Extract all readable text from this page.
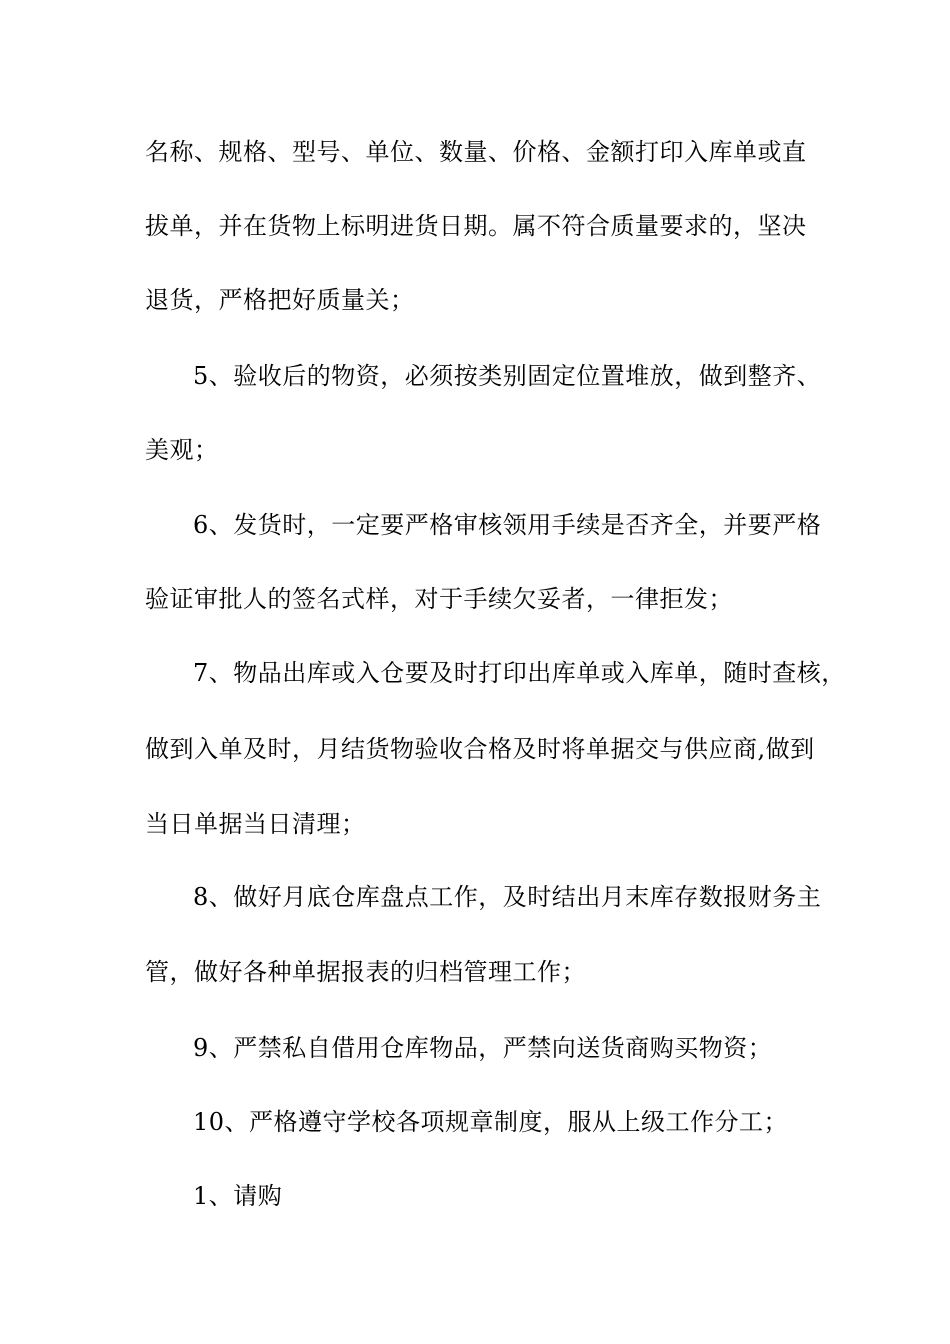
名称、规格、型号、单位、数量、价格、金额打印入库单或直
拔单，并在货物上标明进货日期。属不符合质量要求的，坚决
退货，严格把好质量关；
5、验收后的物资，必须按类别固定位置堆放，做到整齐、
美观；
6、发货时，一定要严格审核领用手续是否齐全，并要严格
验证审批人的签名式样，对于手续欠妥者，一律拒发；
7、物品出库或入仓要及时打印出库单或入库单，随时查核，
做到入单及时，月结货物验收合格及时将单据交与供应商,做到
当日单据当日清理；
8、做好月底仓库盘点工作，及时结出月末库存数报财务主
管，做好各种单据报表的归档管理工作；
9、严禁私自借用仓库物品，严禁向送货商购买物资；
10、严格遵守学校各项规章制度，服从上级工作分工；
1、请购
